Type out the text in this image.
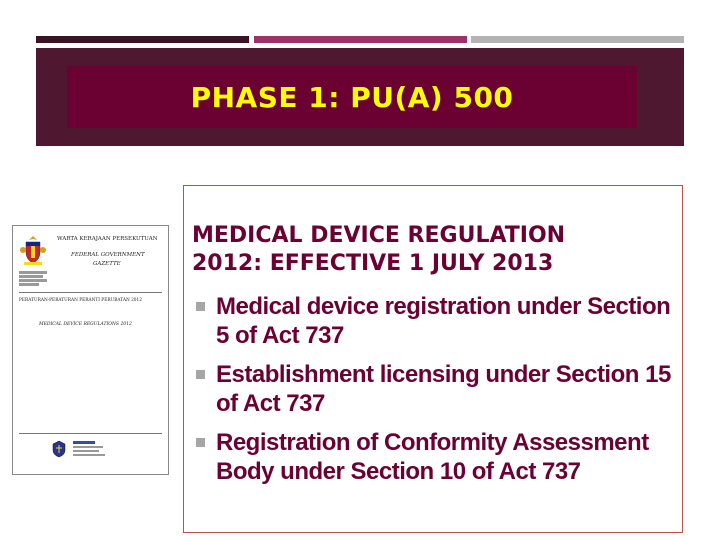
PHASE 1: PU(A) 500
WARTA KERAJAAN PERSEKUTUAN
FEDERAL GOVERNMENT
GAZETTE
PERATURAN-PERATURAN PERANTI PERUBATAN 2012
MEDICAL DEVICE REGULATIONS 2012
MEDICAL DEVICE REGULATION
2012: EFFECTIVE 1 JULY 2013
Medical device registration under Section 5 of Act 737
Establishment licensing under Section 15 of Act 737
Registration of Conformity Assessment Body under Section 10 of Act 737
